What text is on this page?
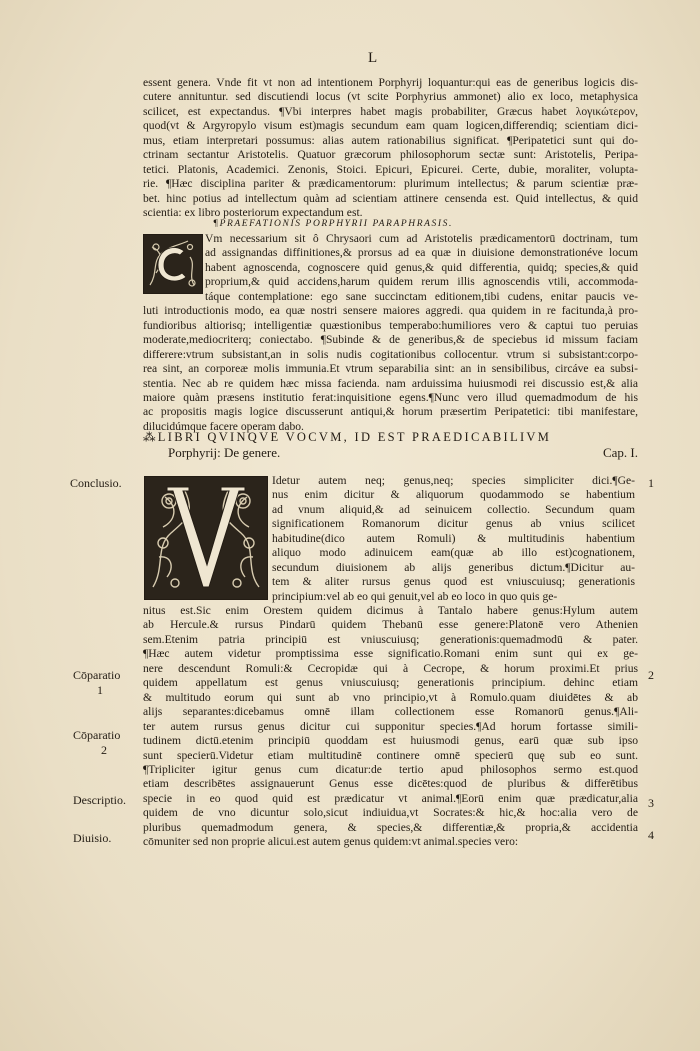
L
essent genera. Vnde fit vt non ad intentionem Porphyrij loquantur:qui eas de generibus logicis dis-
cutere annituntur. sed discutiendi locus (vt scite Porphyrius ammonet) alio ex loco, metaphysica
scilicet, est expectandus. ¶Vbi interpres habet magis probabiliter, Græcus habet λογικώτερον,
quod(vt & Argyropylo visum est)magis secundum eam quam logicen,differendiq; scientiam dici-
mus, etiam interpretari possumus: alias autem rationabilius significat. ¶Peripatetici sunt qui do-
ctrinam sectantur Aristotelis. Quatuor græcorum philosophorum sectæ sunt: Aristotelis, Peripa-
tetici. Platonis, Academici. Zenonis, Stoici. Epicuri, Epicurei. Certe, dubie, moraliter, volupta-
rie. ¶Hæc disciplina pariter & prædicamentorum: plurimum intellectus; & parum scientiæ præ-
bet. hinc potius ad intellectum quàm ad scientiam attinere censenda est. Quid intellectus, & quid
scientia: ex libro posteriorum expectandum est.
¶PRAEFATIONIS PORPHYRII PARAPHRASIS.
Vm necessarium sit ô Chrysaori cum ad Aristotelis prædicamentorū doctrinam, tum
ad assignandas diffinitiones,& prorsus ad ea quæ in diuisione demonstrationéve locum
habent agnoscenda, cognoscere quid genus,& quid differentia, quidq; species,& quid
proprium,& quid accidens,harum quidem rerum illis agnoscendis vtili, accommoda-
táque contemplatione: ego sane succinctam editionem,tibi cudens, enitar paucis ve-
luti introductionis modo, ea quæ nostri sensere maiores aggredi. qua quidem in re facitunda,à pro-
fundioribus altiorisq; intelligentiæ quæstionibus temperabo:humiliores vero & captui tuo peruias
moderate,mediocriterq; coniectabo. ¶Subinde & de generibus,& de speciebus id missum faciam
differere:vtrum subsistant,an in solis nudis cogitationibus collocentur. vtrum si subsistant:corpo-
rea sint, an corporeæ molis immunia.Et vtrum separabilia sint: an in sensibilibus, circáve ea subsi-
stentia. Nec ab re quidem hæc missa facienda. nam arduissima huiusmodi rei discussio est,& alia
maiore quàm præsens institutio ferat:inquisitione egens.¶Nunc vero illud quemadmodum de his
ac propositis magis logice discusserunt antiqui,& horum præsertim Peripatetici: tibi manifestare,
dilucidúmque facere operam dabo.
⁂LIBRI QVINQVE VOCVM, ID EST PRAEDICABILIVM
Porphyrij: De genere.	Cap. I.
Idetur autem neq; genus,neq; species simpliciter dici.¶Ge-
nus enim dicitur & aliquorum quodammodo se habentium
ad vnum aliquid,& ad seinuicem collectio. Secundum quam
significationem Romanorum dicitur genus ab vnius scilicet
habitudine(dico autem Romuli) & multitudinis habentium
aliquo modo adinuicem eam(quæ ab illo est)cognationem,
secundum diuisionem ab alijs generibus dictum.¶Dicitur au-
tem & aliter rursus genus quod est vniuscuiusq; generationis
principium:vel ab eo qui genuit,vel ab eo loco in quo quis ge-
nitus est.Sic enim Orestem quidem dicimus à Tantalo habere genus:Hylum autem
ab Hercule.& rursus Pindarū quidem Thebanū esse genere:Platonē vero Athenien
sem.Etenim patria principiū est vniuscuiusq; generationis:quemadmodū & pater.
¶Hæc autem videtur promptissima esse significatio.Romani enim sunt qui ex ge-
nere descendunt Romuli:& Cecropidæ qui à Cecrope, & horum proximi.Et prius
quidem appellatum est genus vniuscuiusq; generationis principium. dehinc etiam
& multitudo eorum qui sunt ab vno principio,vt à Romulo.quam diuidētes & ab
alijs separantes:dicebamus omnē illam collectionem esse Romanorū genus.¶Ali-
ter autem rursus genus dicitur cui supponitur species.¶Ad horum fortasse simili-
tudinem dictū.etenim principiū quoddam est huiusmodi genus, earū quæ sub ipso
sunt specierū.Videtur etiam multitudinē continere omnē specierū quę sub eo sunt.
¶Tripliciter igitur genus cum dicatur:de tertio apud philosophos sermo est.quod
etiam describētes assignauerunt Genus esse dicētes:quod de pluribus & differētibus
specie in eo quod quid est prædicatur vt animal.¶Eorū enim quæ prædicatur,alia
quidem de vno dicuntur solo,sicut indiuidua,vt Socrates:& hic,& hoc:alia vero de
pluribus quemadmodum genera, & species,& differentiæ,& propria,& accidentia
cōmuniter sed non proprie alicui.est autem genus quidem:vt animal.species vero:
Conclusio.
Cōparatio
1
Cōparatio
2
Descriptio.
Diuisio.
1
2
3
4
